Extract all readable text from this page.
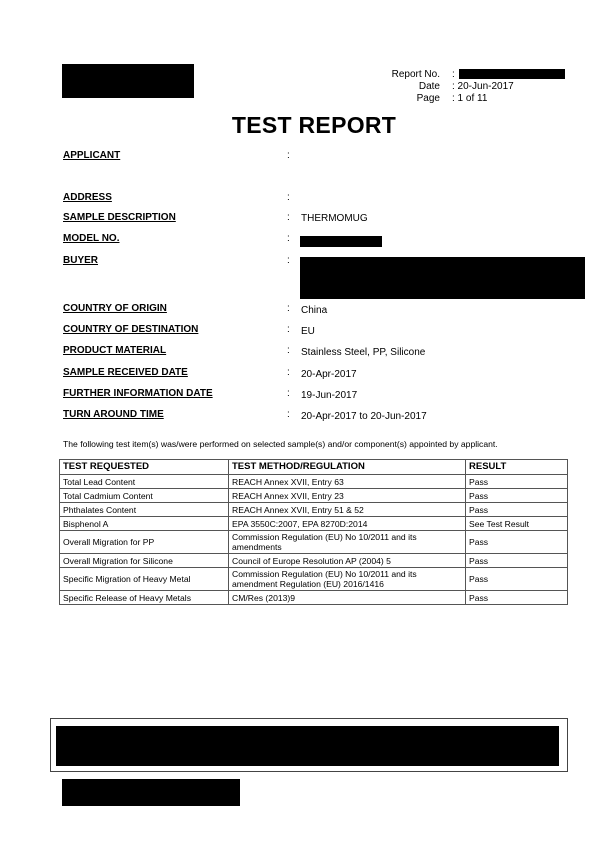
Report No. :
Date : 20-Jun-2017
Page : 1 of 11
TEST REPORT
APPLICANT	:
ADDRESS	:
SAMPLE DESCRIPTION	: THERMOMUG
MODEL NO.	:
BUYER	:
COUNTRY OF ORIGIN	: China
COUNTRY OF DESTINATION	: EU
PRODUCT MATERIAL	: Stainless Steel, PP, Silicone
SAMPLE RECEIVED DATE	: 20-Apr-2017
FURTHER INFORMATION DATE	: 19-Jun-2017
TURN AROUND TIME	: 20-Apr-2017 to 20-Jun-2017
The following test item(s) was/were performed on selected sample(s) and/or component(s) appointed by applicant.
TEST REQUESTED	TEST METHOD/REGULATION	RESULT
Total Lead Content	REACH Annex XVII, Entry 63	Pass
Total Cadmium Content	REACH Annex XVII, Entry 23	Pass
Phthalates Content	REACH Annex XVII, Entry 51 & 52	Pass
Bisphenol A	EPA 3550C:2007, EPA 8270D:2014	See Test Result
Overall Migration for PP	Commission Regulation (EU) No 10/2011 and its amendments	Pass
Overall Migration for Silicone	Council of Europe Resolution AP (2004) 5	Pass
Specific Migration of Heavy Metal	Commission Regulation (EU) No 10/2011 and its amendment Regulation (EU) 2016/1416	Pass
Specific Release of Heavy Metals	CM/Res (2013)9	Pass
